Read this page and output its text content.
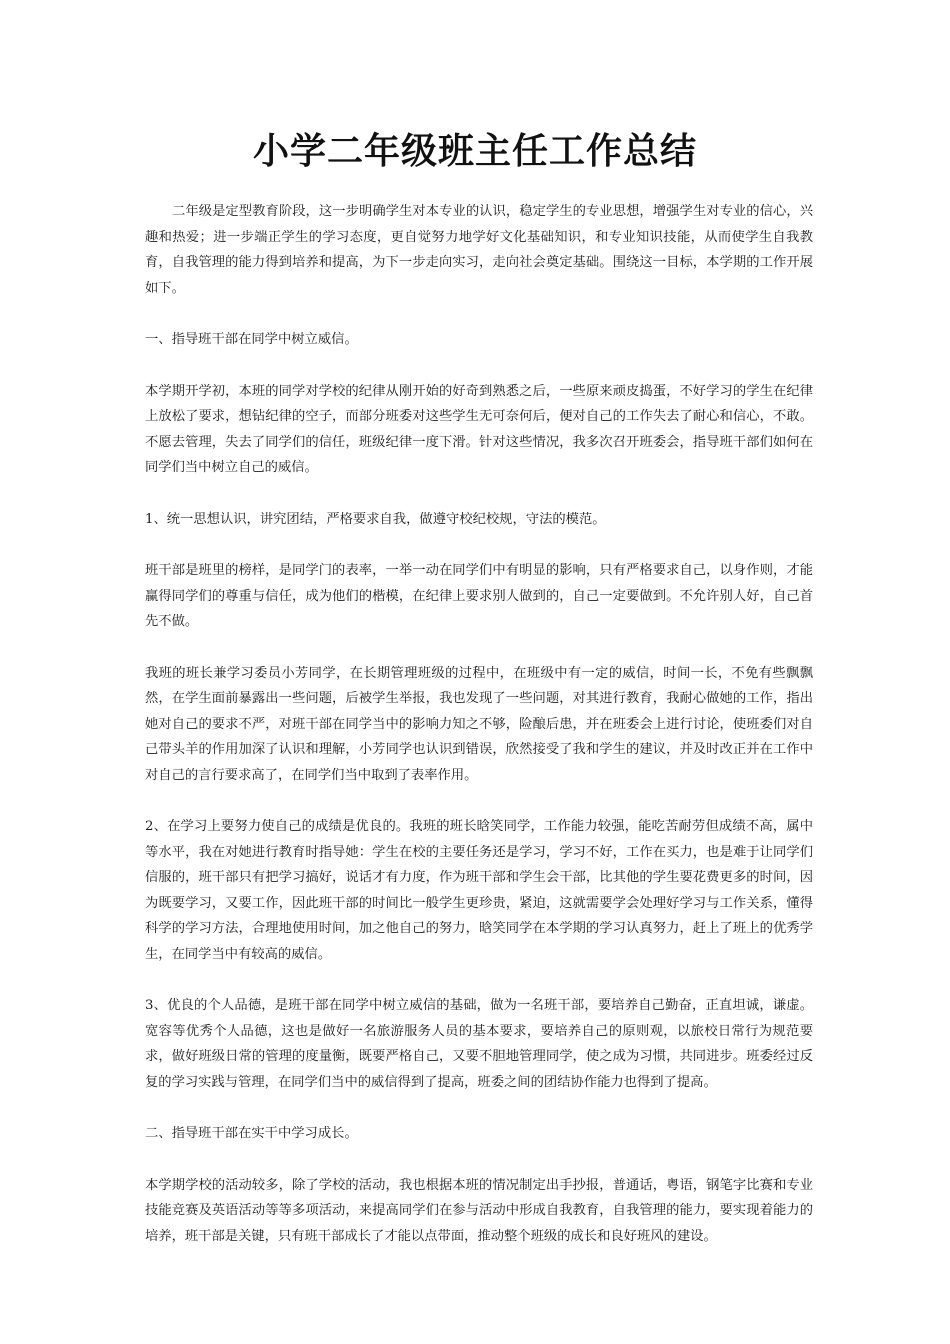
小学二年级班主任工作总结

二年级是定型教育阶段，这一步明确学生对本专业的认识，稳定学生的专业思想，增强学生对专业的信心，兴趣和热爱；进一步端正学生的学习态度，更自觉努力地学好文化基础知识，和专业知识技能，从而使学生自我教育，自我管理的能力得到培养和提高，为下一步走向实习，走向社会奠定基础。围绕这一目标，本学期的工作开展如下。

一、指导班干部在同学中树立威信。

本学期开学初，本班的同学对学校的纪律从刚开始的好奇到熟悉之后，一些原来顽皮捣蛋，不好学习的学生在纪律上放松了要求，想钻纪律的空子，而部分班委对这些学生无可奈何后，便对自己的工作失去了耐心和信心，不敢。不愿去管理，失去了同学们的信任，班级纪律一度下滑。针对这些情况，我多次召开班委会，指导班干部们如何在同学们当中树立自己的威信。

1、统一思想认识，讲究团结，严格要求自我，做遵守校纪校规，守法的模范。

班干部是班里的榜样，是同学门的表率，一举一动在同学们中有明显的影响，只有严格要求自己，以身作则，才能赢得同学们的尊重与信任，成为他们的楷模，在纪律上要求别人做到的，自己一定要做到。不允许别人好，自己首先不做。

我班的班长兼学习委员小芳同学，在长期管理班级的过程中，在班级中有一定的威信，时间一长，不免有些飘飘然，在学生面前暴露出一些问题，后被学生举报，我也发现了一些问题，对其进行教育，我耐心做她的工作，指出她对自己的要求不严，对班干部在同学当中的影响力知之不够，险酿后患，并在班委会上进行讨论，使班委们对自己带头羊的作用加深了认识和理解，小芳同学也认识到错误，欣然接受了我和学生的建议，并及时改正并在工作中对自己的言行要求高了，在同学们当中取到了表率作用。

2、在学习上要努力使自己的成绩是优良的。我班的班长晗笑同学，工作能力较强，能吃苦耐劳但成绩不高，属中等水平，我在对她进行教育时指导她：学生在校的主要任务还是学习，学习不好，工作在买力，也是难于让同学们信服的，班干部只有把学习搞好，说话才有力度，作为班干部和学生会干部，比其他的学生要花费更多的时间，因为既要学习，又要工作，因此班干部的时间比一般学生更珍贵，紧迫，这就需要学会处理好学习与工作关系，懂得科学的学习方法，合理地使用时间，加之他自己的努力，晗笑同学在本学期的学习认真努力，赶上了班上的优秀学生，在同学当中有较高的威信。

3、优良的个人品德，是班干部在同学中树立威信的基础，做为一名班干部，要培养自己勤奋，正直坦诚，谦虚。宽容等优秀个人品德，这也是做好一名旅游服务人员的基本要求，要培养自己的原则观，以旅校日常行为规范要求，做好班级日常的管理的度量衡，既要严格自己，又要不胆地管理同学，使之成为习惯，共同进步。班委经过反复的学习实践与管理，在同学们当中的威信得到了提高，班委之间的团结协作能力也得到了提高。

二、指导班干部在实干中学习成长。

本学期学校的活动较多，除了学校的活动，我也根据本班的情况制定出手抄报，普通话，粤语，钢笔字比赛和专业技能竞赛及英语活动等等多项活动，来提高同学们在参与活动中形成自我教育，自我管理的能力，要实现着能力的培养，班干部是关键，只有班干部成长了才能以点带面，推动整个班级的成长和良好班风的建设。
